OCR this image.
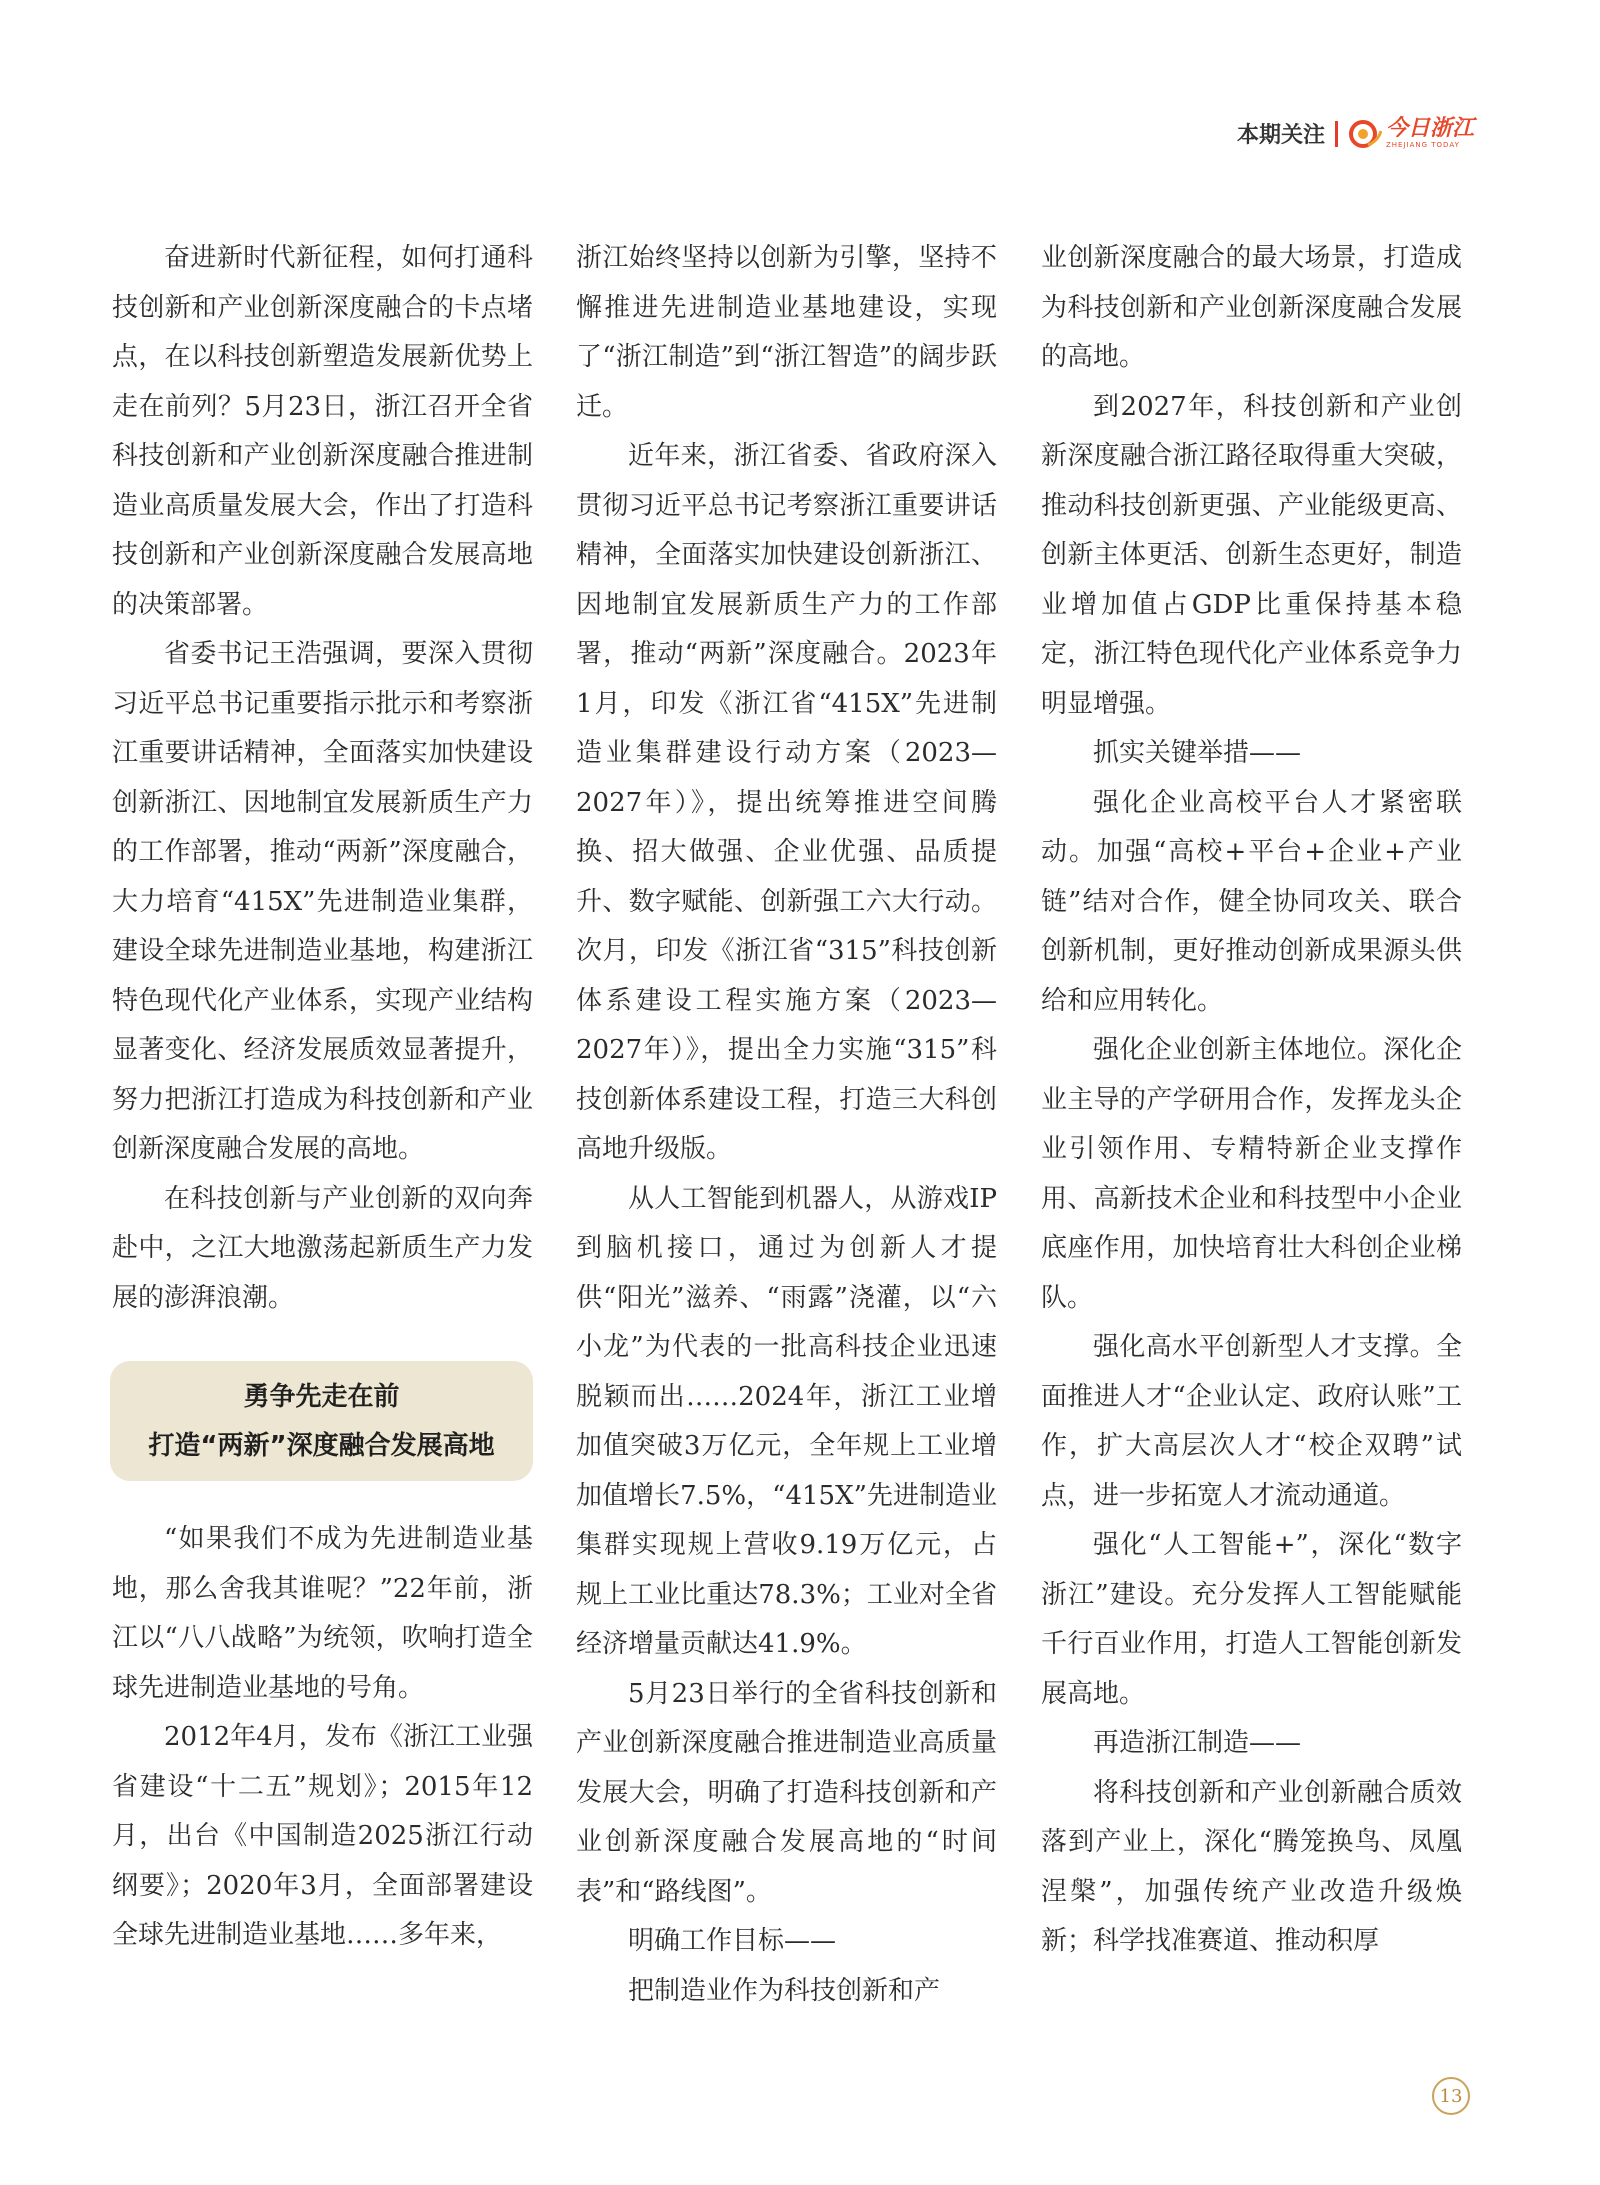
本期关注	今日浙江
ZHEJIANG TODAY

奋进新时代新征程，如何打通科技创新和产业创新深度融合的卡点堵点，在以科技创新塑造发展新优势上走在前列？5月23日，浙江召开全省科技创新和产业创新深度融合推进制造业高质量发展大会，作出了打造科技创新和产业创新深度融合发展高地的决策部署。

省委书记王浩强调，要深入贯彻习近平总书记重要指示批示和考察浙江重要讲话精神，全面落实加快建设创新浙江、因地制宜发展新质生产力的工作部署，推动“两新”深度融合，大力培育“415X”先进制造业集群，建设全球先进制造业基地，构建浙江特色现代化产业体系，实现产业结构显著变化、经济发展质效显著提升，努力把浙江打造成为科技创新和产业创新深度融合发展的高地。

在科技创新与产业创新的双向奔赴中，之江大地激荡起新质生产力发展的澎湃浪潮。

勇争先走在前
打造“两新”深度融合发展高地

“如果我们不成为先进制造业基地，那么舍我其谁呢？”22年前，浙江以“八八战略”为统领，吹响打造全球先进制造业基地的号角。

2012年4月，发布《浙江工业强省建设“十二五”规划》；2015年12月，出台《中国制造2025浙江行动纲要》；2020年3月，全面部署建设全球先进制造业基地……多年来，

浙江始终坚持以创新为引擎，坚持不懈推进先进制造业基地建设，实现了“浙江制造”到“浙江智造”的阔步跃迁。

近年来，浙江省委、省政府深入贯彻习近平总书记考察浙江重要讲话精神，全面落实加快建设创新浙江、因地制宜发展新质生产力的工作部署，推动“两新”深度融合。2023年1月，印发《浙江省“415X”先进制造业集群建设行动方案（2023—2027年）》，提出统筹推进空间腾换、招大做强、企业优强、品质提升、数字赋能、创新强工六大行动。次月，印发《浙江省“315”科技创新体系建设工程实施方案（2023—2027年）》，提出全力实施“315”科技创新体系建设工程，打造三大科创高地升级版。

从人工智能到机器人，从游戏IP到脑机接口，通过为创新人才提供“阳光”滋养、“雨露”浇灌，以“六小龙”为代表的一批高科技企业迅速脱颖而出……2024年，浙江工业增加值突破3万亿元，全年规上工业增加值增长7.5%，“415X”先进制造业集群实现规上营收9.19万亿元，占规上工业比重达78.3%；工业对全省经济增量贡献达41.9%。

5月23日举行的全省科技创新和产业创新深度融合推进制造业高质量发展大会，明确了打造科技创新和产业创新深度融合发展高地的“时间表”和“路线图”。

明确工作目标——

把制造业作为科技创新和产

业创新深度融合的最大场景，打造成为科技创新和产业创新深度融合发展的高地。

到2027年，科技创新和产业创新深度融合浙江路径取得重大突破，推动科技创新更强、产业能级更高、创新主体更活、创新生态更好，制造业增加值占GDP比重保持基本稳定，浙江特色现代化产业体系竞争力明显增强。

抓实关键举措——

强化企业高校平台人才紧密联动。加强“高校+平台+企业+产业链”结对合作，健全协同攻关、联合创新机制，更好推动创新成果源头供给和应用转化。

强化企业创新主体地位。深化企业主导的产学研用合作，发挥龙头企业引领作用、专精特新企业支撑作用、高新技术企业和科技型中小企业底座作用，加快培育壮大科创企业梯队。

强化高水平创新型人才支撑。全面推进人才“企业认定、政府认账”工作，扩大高层次人才“校企双聘”试点，进一步拓宽人才流动通道。

强化“人工智能+”，深化“数字浙江”建设。充分发挥人工智能赋能千行百业作用，打造人工智能创新发展高地。

再造浙江制造——

将科技创新和产业创新融合质效落到产业上，深化“腾笼换鸟、凤凰涅槃”，加强传统产业改造升级焕新；科学找准赛道、推动积厚

13
